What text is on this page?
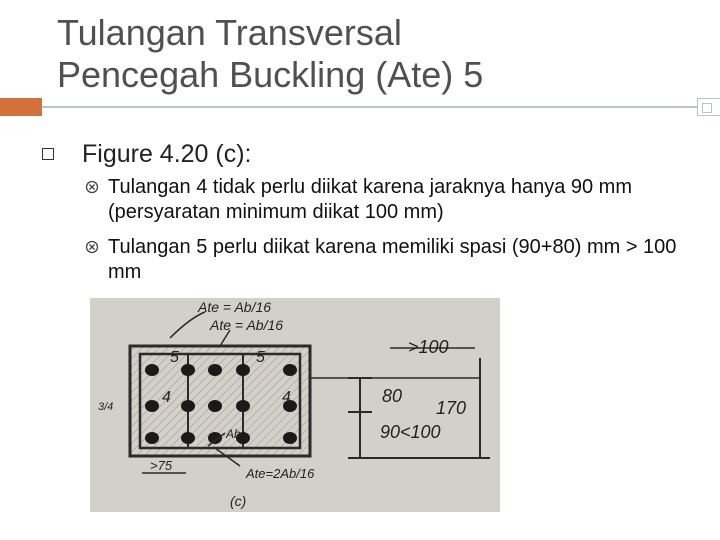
Tulangan Transversal
Pencegah Buckling (Ate) 5
Figure 4.20 (c):
Tulangan 4 tidak perlu diikat karena jaraknya hanya 90 mm (persyaratan minimum diikat 100 mm)
Tulangan 5 perlu diikat karena memiliki spasi (90+80) mm > 100 mm
Ate = Ab/16
Ate = Ab/16
5	5
4	4
Ab
>75
Ate=2Ab/16
(c)
>100
80
170
90<100
3/4
